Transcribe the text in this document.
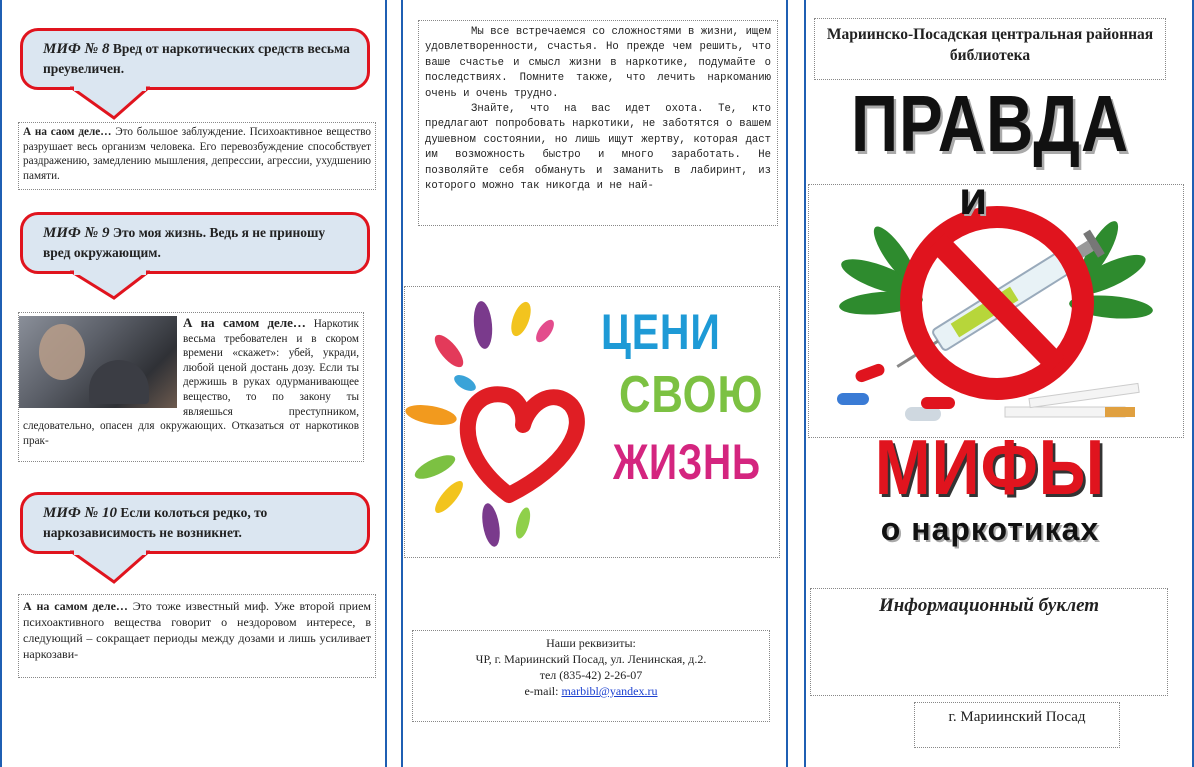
МИФ № 8 Вред от наркотических средств весьма преувеличен.
А на саом деле… Это большое заблуждение. Психоактивное вещество разрушает весь организм человека. Его перевозбуждение способствует раздражению, замедлению мышления, депрессии, агрессии, ухудшению памяти.
МИФ № 9 Это моя жизнь. Ведь я не приношу вред окружающим.
А на самом деле… Наркотик весьма требователен и в скором времени «скажет»: убей, укради, любой ценой достань дозу. Если ты держишь в руках одурманивающее вещество, то по закону ты являешься преступником, следовательно, опасен для окружающих. Отказаться от наркотиков прак-
МИФ № 10 Если колоться редко, то наркозависимость не возникнет.
А на самом деле… Это тоже известный миф. Уже второй прием психоактивного вещества говорит о нездоровом интересе, в следующий – сокращает периоды между дозами и лишь усиливает наркозави-
Мы все встречаемся со сложностями в жизни, ищем удовлетворенности, счастья. Но прежде чем решить, что ваше счастье и смысл жизни в наркотике, подумайте о последствиях. Помните также, что лечить наркоманию очень и очень трудно.
Знайте, что на вас идет охота. Те, кто предлагают попробовать наркотики, не заботятся о вашем душевном состоянии, но лишь ищут жертву, которая даст им возможность быстро и много заработать. Не позволяйте себя обмануть и заманить в лабиринт, из которого можно так никогда и не най-
ЦЕНИ
СВОЮ
ЖИЗНЬ
Наши реквизиты:
ЧР, г. Мариинский Посад, ул. Ленинская, д.2.
тел (835-42) 2-26-07
e-mail: marbibl@yandex.ru
Мариинско-Посадская центральная районная библиотека
ПРАВДА
и
МИФЫ
о наркотиках
Информационный буклет
г. Мариинский Посад
